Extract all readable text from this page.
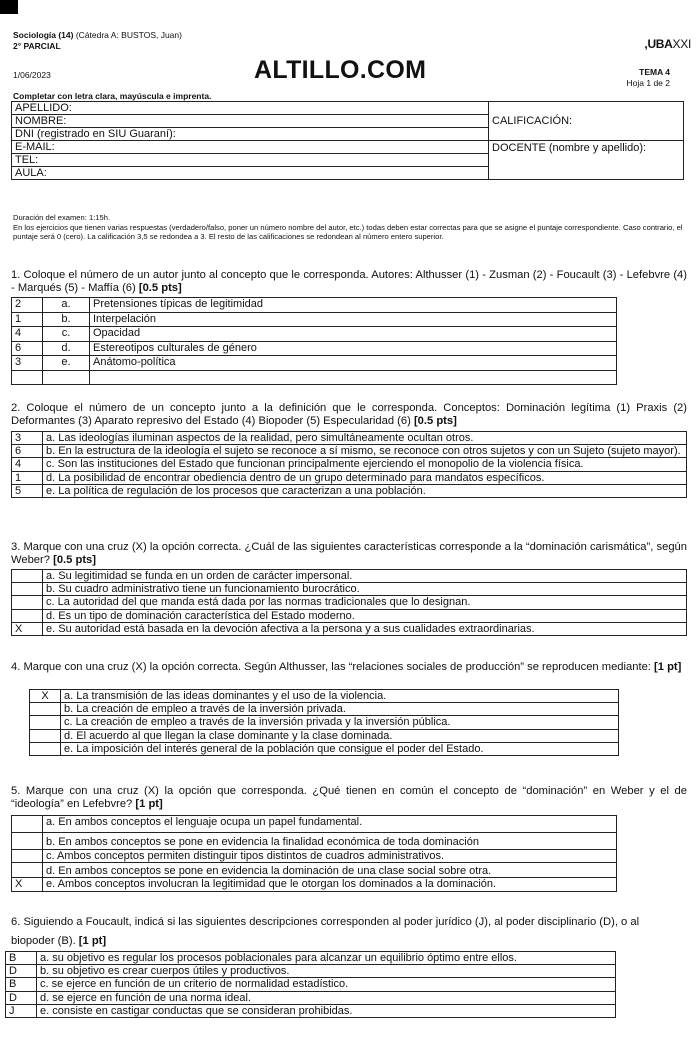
Sociología (14) (Cátedra A: BUSTOS, Juan)
2° PARCIAL	,UBAXXI
1/06/2023	ALTILLO.COM	TEMA 4
Hoja 1 de 2
Completar con letra clara, mayúscula e imprenta.
APELLIDO:	CALIFICACIÓN:
NOMBRE:	
DNI (registrado en SIU Guaraní):	
E-MAIL:	DOCENTE (nombre y apellido):
TEL:	
AULA:	
Duración del examen: 1:15h.
En los ejercicios que tienen varias respuestas (verdadero/falso, poner un número nombre del autor, etc.) todas deben estar correctas para que se asigne el puntaje correspondiente. Caso contrario, el puntaje será 0 (cero). La calificación 3,5 se redondea a 3. El resto de las calificaciones se redondean al número entero superior.
1. Coloque el número de un autor junto al concepto que le corresponda. Autores: Althusser (1) - Zusman (2) - Foucault (3) - Lefebvre (4) - Marqués (5) - Maffía (6) [0.5 pts]
2	a.	Pretensiones típicas de legitimidad
1	b.	Interpelación
4	c.	Opacidad
6	d.	Estereotipos culturales de género
3	e.	Anátomo-política

2. Coloque el número de un concepto junto a la definición que le corresponda. Conceptos: Dominación legítima (1) Praxis (2) Deformantes (3) Aparato represivo del Estado (4) Biopoder (5) Especularidad (6) [0.5 pts]
3	a. Las ideologías iluminan aspectos de la realidad, pero simultáneamente ocultan otros.
6	b. En la estructura de la ideología el sujeto se reconoce a sí mismo, se reconoce con otros sujetos y con un Sujeto (sujeto mayor).
4	c. Son las instituciones del Estado que funcionan principalmente ejerciendo el monopolio de la violencia física.
1	d. La posibilidad de encontrar obediencia dentro de un grupo determinado para mandatos específicos.
5	e. La política de regulación de los procesos que caracterizan a una población.
3. Marque con una cruz (X) la opción correcta. ¿Cuál de las siguientes características corresponde a la “dominación carismática”, según Weber? [0.5 pts]
	a. Su legitimidad se funda en un orden de carácter impersonal.
	b. Su cuadro administrativo tiene un funcionamiento burocrático.
	c. La autoridad del que manda está dada por las normas tradicionales que lo designan.
	d. Es un tipo de dominación característica del Estado moderno.
X	e. Su autoridad está basada en la devoción afectiva a la persona y a sus cualidades extraordinarias.
4. Marque con una cruz (X) la opción correcta. Según Althusser, las “relaciones sociales de producción” se reproducen mediante: [1 pt]
X	a. La transmisión de las ideas dominantes y el uso de la violencia.
	b. La creación de empleo a través de la inversión privada.
	c. La creación de empleo a través de la inversión privada y la inversión pública.
	d. El acuerdo al que llegan la clase dominante y la clase dominada.
	e. La imposición del interés general de la población que consigue el poder del Estado.
5. Marque con una cruz (X) la opción que corresponda. ¿Qué tienen en común el concepto de “dominación” en Weber y el de “ideología” en Lefebvre? [1 pt]
	a. En ambos conceptos el lenguaje ocupa un papel fundamental.
	b. En ambos conceptos se pone en evidencia la finalidad económica de toda dominación
	c. Ambos conceptos permiten distinguir tipos distintos de cuadros administrativos.
	d. En ambos conceptos se pone en evidencia la dominación de una clase social sobre otra.
X	e. Ambos conceptos involucran la legitimidad que le otorgan los dominados a la dominación.
6. Siguiendo a Foucault, indicá si las siguientes descripciones corresponden al poder jurídico (J), al poder disciplinario (D), o al biopoder (B). [1 pt]
B	a. su objetivo es regular los procesos poblacionales para alcanzar un equilibrio óptimo entre ellos.
D	b. su objetivo es crear cuerpos útiles y productivos.
B	c. se ejerce en función de un criterio de normalidad estadístico.
D	d. se ejerce en función de una norma ideal.
J	e. consiste en castigar conductas que se consideran prohibidas.
